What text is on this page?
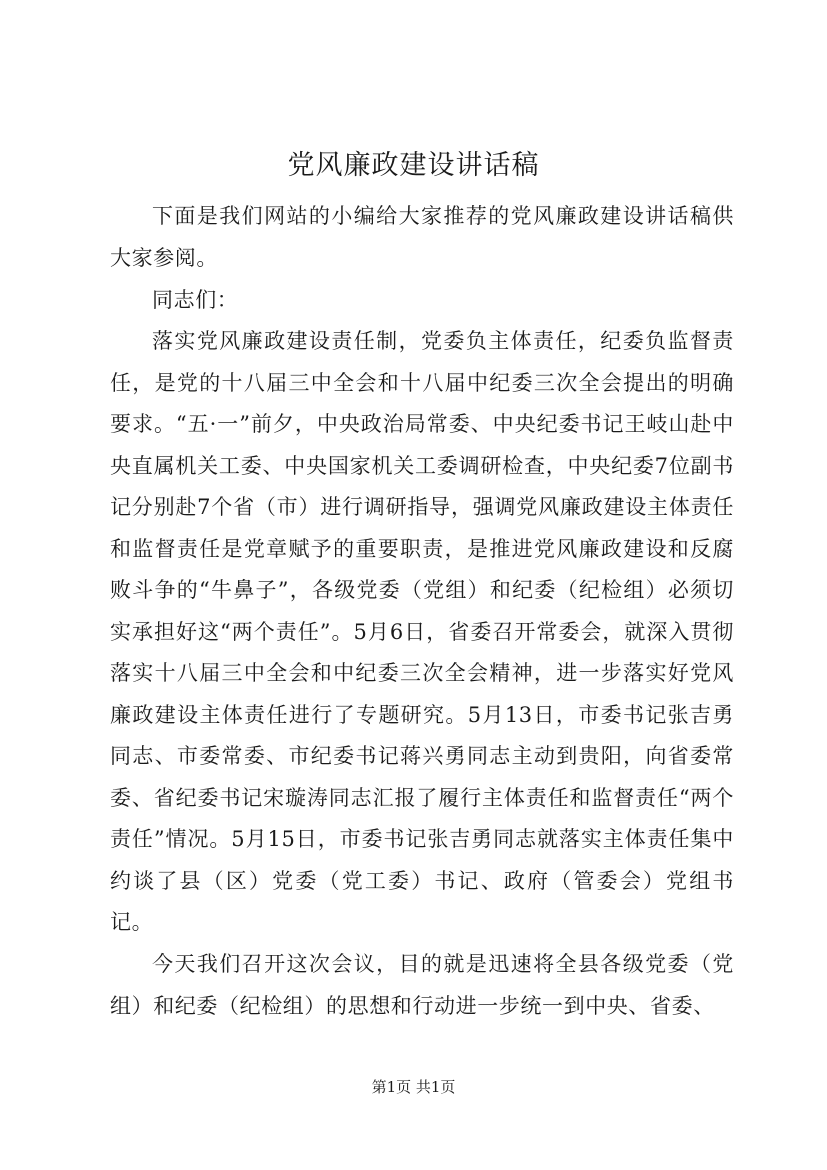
党风廉政建设讲话稿

下面是我们网站的小编给大家推荐的党风廉政建设讲话稿供大家参阅。

同志们：

落实党风廉政建设责任制，党委负主体责任，纪委负监督责任，是党的十八届三中全会和十八届中纪委三次全会提出的明确要求。“五·一”前夕，中央政治局常委、中央纪委书记王岐山赴中央直属机关工委、中央国家机关工委调研检查，中央纪委7位副书记分别赴7个省（市）进行调研指导，强调党风廉政建设主体责任和监督责任是党章赋予的重要职责，是推进党风廉政建设和反腐败斗争的“牛鼻子”，各级党委（党组）和纪委（纪检组）必须切实承担好这“两个责任”。5月6日，省委召开常委会，就深入贯彻落实十八届三中全会和中纪委三次全会精神，进一步落实好党风廉政建设主体责任进行了专题研究。5月13日，市委书记张吉勇同志、市委常委、市纪委书记蒋兴勇同志主动到贵阳，向省委常委、省纪委书记宋璇涛同志汇报了履行主体责任和监督责任“两个责任”情况。5月15日，市委书记张吉勇同志就落实主体责任集中约谈了县（区）党委（党工委）书记、政府（管委会）党组书记。

今天我们召开这次会议，目的就是迅速将全县各级党委（党组）和纪委（纪检组）的思想和行动进一步统一到中央、省委、

第1页 共1页
